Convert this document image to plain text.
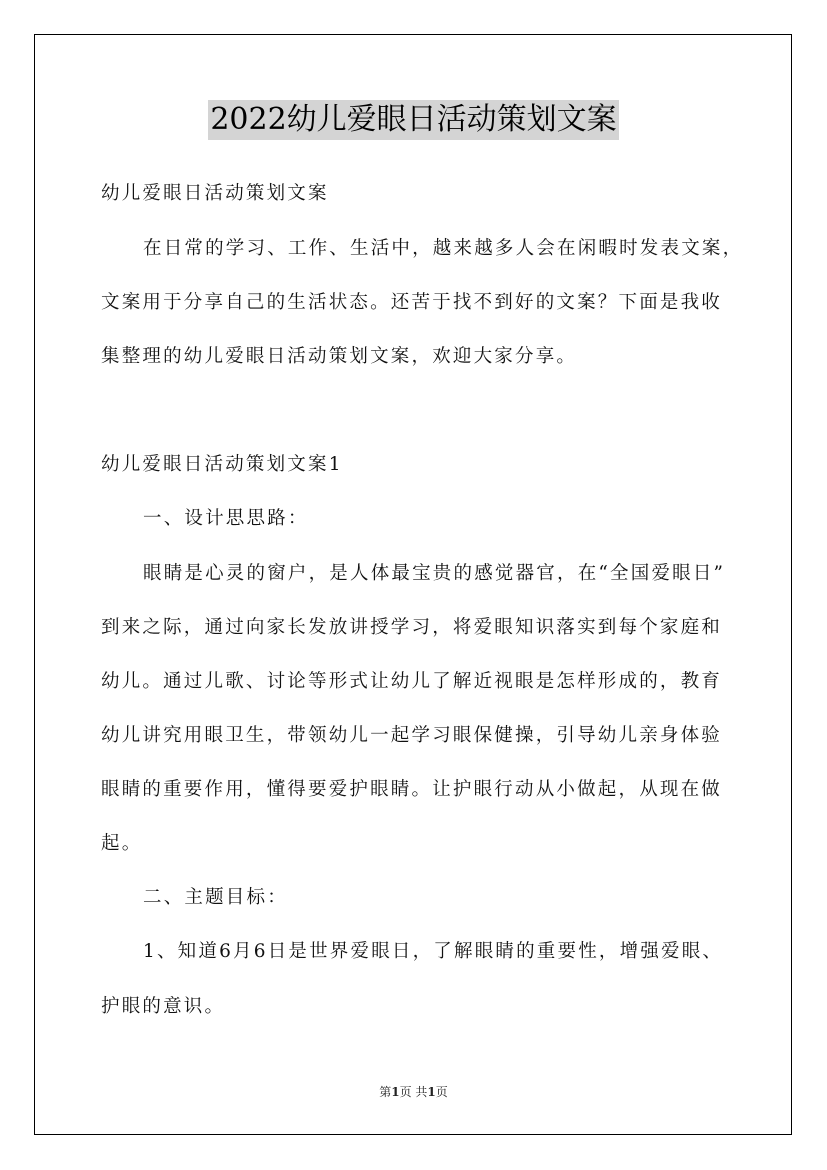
2022幼儿爱眼日活动策划文案
幼儿爱眼日活动策划文案
在日常的学习、工作、生活中，越来越多人会在闲暇时发表文案，
文案用于分享自己的生活状态。还苦于找不到好的文案？下面是我收
集整理的幼儿爱眼日活动策划文案，欢迎大家分享。
幼儿爱眼日活动策划文案1
一、设计思思路：
眼睛是心灵的窗户，是人体最宝贵的感觉器官，在“全国爱眼日”
到来之际，通过向家长发放讲授学习，将爱眼知识落实到每个家庭和
幼儿。通过儿歌、讨论等形式让幼儿了解近视眼是怎样形成的，教育
幼儿讲究用眼卫生，带领幼儿一起学习眼保健操，引导幼儿亲身体验
眼睛的重要作用，懂得要爱护眼睛。让护眼行动从小做起，从现在做
起。
二、主题目标：
1、知道6月6日是世界爱眼日，了解眼睛的重要性，增强爱眼、
护眼的意识。
第1页 共1页
